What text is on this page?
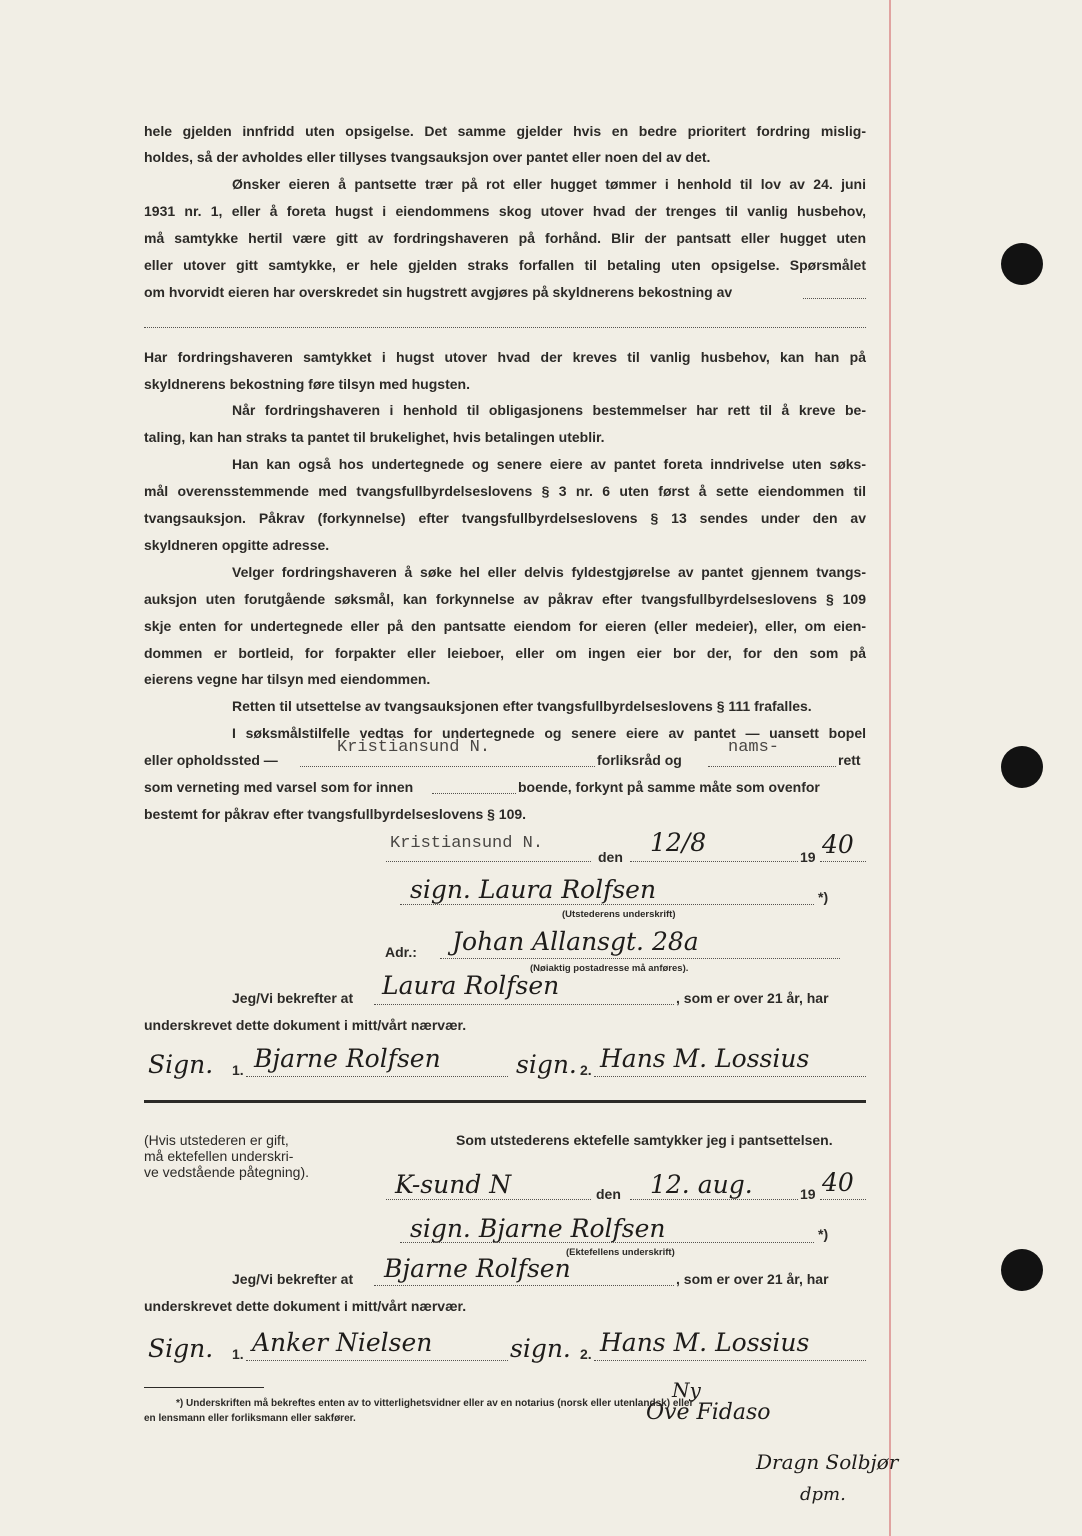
hele gjelden innfridd uten opsigelse. Det samme gjelder hvis en bedre prioritert fordring mislig-
holdes, så der avholdes eller tillyses tvangsauksjon over pantet eller noen del av det.
Ønsker eieren å pantsette trær på rot eller hugget tømmer i henhold til lov av 24. juni
1931 nr. 1, eller å foreta hugst i eiendommens skog utover hvad der trenges til vanlig husbehov,
må samtykke hertil være gitt av fordringshaveren på forhånd. Blir der pantsatt eller hugget uten
eller utover gitt samtykke, er hele gjelden straks forfallen til betaling uten opsigelse. Spørsmålet
om hvorvidt eieren har overskredet sin hugstrett avgjøres på skyldnerens bekostning av
Har fordringshaveren samtykket i hugst utover hvad der kreves til vanlig husbehov, kan han på
skyldnerens bekostning føre tilsyn med hugsten.
Når fordringshaveren i henhold til obligasjonens bestemmelser har rett til å kreve be-
taling, kan han straks ta pantet til brukelighet, hvis betalingen uteblir.
Han kan også hos undertegnede og senere eiere av pantet foreta inndrivelse uten søks-
mål overensstemmende med tvangsfullbyrdelseslovens § 3 nr. 6 uten først å sette eiendommen til
tvangsauksjon. Påkrav (forkynnelse) efter tvangsfullbyrdelseslovens § 13 sendes under den av
skyldneren opgitte adresse.
Velger fordringshaveren å søke hel eller delvis fyldestgjørelse av pantet gjennem tvangs-
auksjon uten forutgående søksmål, kan forkynnelse av påkrav efter tvangsfullbyrdelseslovens § 109
skje enten for undertegnede eller på den pantsatte eiendom for eieren (eller medeier), eller, om eien-
dommen er bortleid, for forpakter eller leieboer, eller om ingen eier bor der, for den som på
eierens vegne har tilsyn med eiendommen.
Retten til utsettelse av tvangsauksjonen efter tvangsfullbyrdelseslovens § 111 frafalles.
I søksmålstilfelle vedtas for undertegnede og senere eiere av pantet — uansett bopel
eller opholdssted —
Kristiansund N.
forliksråd og
nams-
rett
som verneting med varsel som for innen	boende, forkynt på samme måte som ovenfor
bestemt for påkrav efter tvangsfullbyrdelseslovens § 109.
Kristiansund N.
den 12/8	19 40
sign. Laura Rolfsen	*)
(Utstederens underskrift)
Adr.: Johan Allansgt. 28a
(Nøiaktig postadresse må anføres).
Jeg/Vi bekrefter at Laura Rolfsen	, som er over 21 år, har
underskrevet dette dokument i mitt/vårt nærvær.
Sign. 1. Bjarne Rolfsen	sign. 2. Hans M. Lossius
(Hvis utstederen er gift,
må ektefellen underskri-
ve vedstående påtegning).
Som utstederens ektefelle samtykker jeg i pantsettelsen.
K-sund N	den 12. aug.	19 40
sign. Bjarne Rolfsen	*)
(Ektefellens underskrift)
Jeg/Vi bekrefter at Bjarne Rolfsen	, som er over 21 år, har
underskrevet dette dokument i mitt/vårt nærvær.
Sign. 1. Anker Nielsen	sign. 2. Hans M. Lossius
*) Underskriften må bekreftes enten av to vitterlighetsvidner eller av en notarius (norsk eller utenlandsk) eller
en lensmann eller forliksmann eller sakfører.
Ny
Ove Fidaso
Dragn Solbjør
dpm.
